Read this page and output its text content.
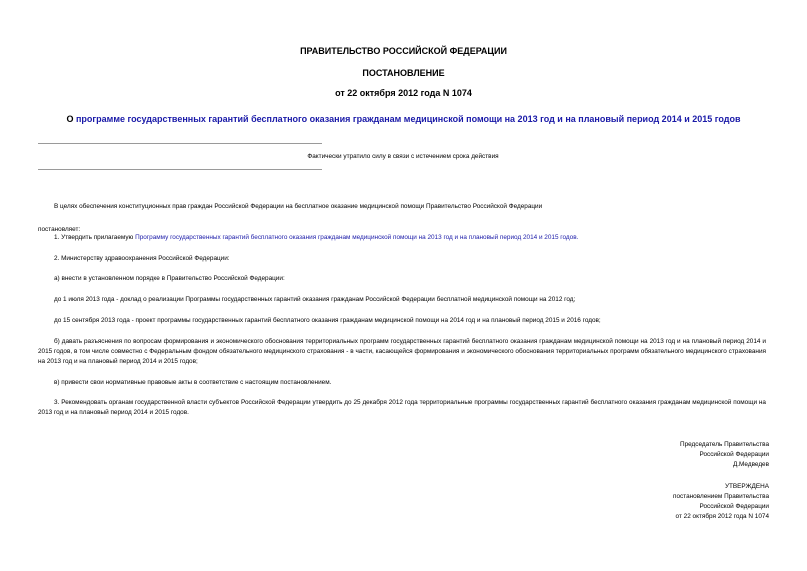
ПРАВИТЕЛЬСТВО РОССИЙСКОЙ ФЕДЕРАЦИИ
ПОСТАНОВЛЕНИЕ
от 22 октября 2012 года N 1074
О программе государственных гарантий бесплатного оказания гражданам медицинской помощи на 2013 год и на плановый период 2014 и 2015 годов
Фактически утратило силу в связи с истечением срока действия
В целях обеспечения конституционных прав граждан Российской Федерации на бесплатное оказание медицинской помощи Правительство Российской Федерации
постановляет:
1. Утвердить прилагаемую Программу государственных гарантий бесплатного оказания гражданам медицинской помощи на 2013 год и на плановый период 2014 и 2015 годов.
2. Министерству здравоохранения Российской Федерации:
а) внести в установленном порядке в Правительство Российской Федерации:
до 1 июля 2013 года - доклад о реализации Программы государственных гарантий оказания гражданам Российской Федерации бесплатной медицинской помощи на 2012 год;
до 15 сентября 2013 года - проект программы государственных гарантий бесплатного оказания гражданам медицинской помощи на 2014 год и на плановый период 2015 и 2016 годов;
б) давать разъяснения по вопросам формирования и экономического обоснования территориальных программ государственных гарантий бесплатного оказания гражданам медицинской помощи на 2013 год и на плановый период 2014 и 2015 годов, в том числе совместно с Федеральным фондом обязательного медицинского страхования - в части, касающейся формирования и экономического обоснования территориальных программ обязательного медицинского страхования на 2013 год и на плановый период 2014 и 2015 годов;
в) привести свои нормативные правовые акты в соответствие с настоящим постановлением.
3. Рекомендовать органам государственной власти субъектов Российской Федерации утвердить до 25 декабря 2012 года территориальные программы государственных гарантий бесплатного оказания гражданам медицинской помощи на 2013 год и на плановый период 2014 и 2015 годов.
Председатель Правительства
Российской Федерации
Д.Медведев
УТВЕРЖДЕНА
постановлением Правительства
Российской Федерации
от 22 октября 2012 года N 1074
